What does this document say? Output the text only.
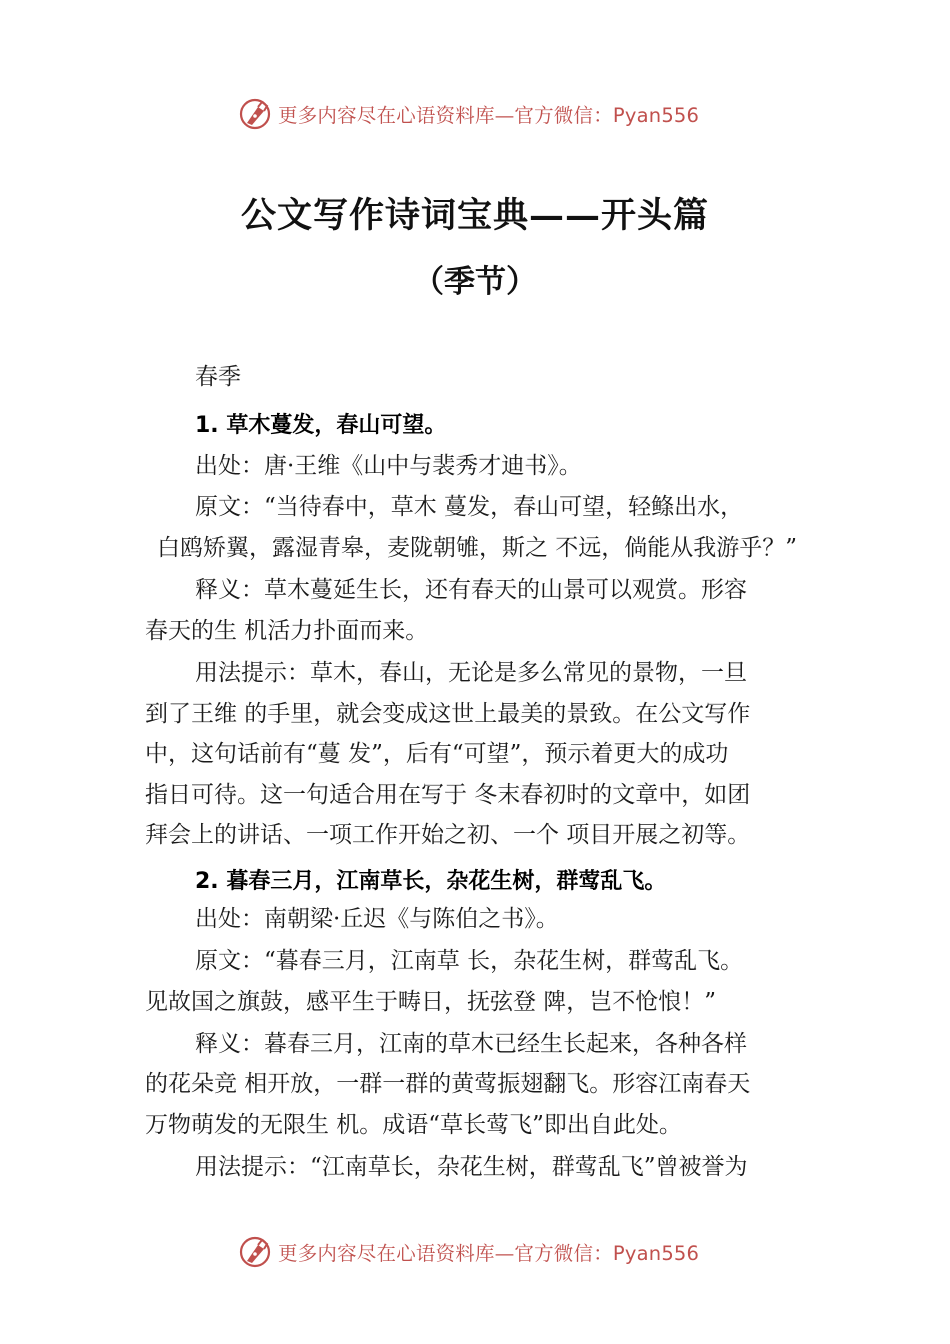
更多内容尽在心语资料库—官方微信：Pyan556
公文写作诗词宝典——开头篇
（季节）
春季
1. 草木蔓发，春山可望。
出处：唐·王维《山中与裴秀才迪书》。
原文：“当待春中，草木 蔓发，春山可望，轻鲦出水，
白鸥矫翼，露湿青皋，麦陇朝雊，斯之 不远，倘能从我游乎？”
释义：草木蔓延生长，还有春天的山景可以观赏。形容
春天的生 机活力扑面而来。
用法提示：草木，春山，无论是多么常见的景物，一旦
到了王维 的手里，就会变成这世上最美的景致。在公文写作
中，这句话前有“蔓 发”，后有“可望”，预示着更大的成功
指日可待。这一句适合用在写于 冬末春初时的文章中，如团
拜会上的讲话、一项工作开始之初、一个 项目开展之初等。
2. 暮春三月，江南草长，杂花生树，群莺乱飞。
出处：南朝梁·丘迟《与陈伯之书》。
原文：“暮春三月，江南草 长，杂花生树，群莺乱飞。
见故国之旗鼓，感平生于畴日，抚弦登 陴，岂不怆悢！”
释义：暮春三月，江南的草木已经生长起来，各种各样
的花朵竞 相开放，一群一群的黄莺振翅翻飞。形容江南春天
万物萌发的无限生 机。成语“草长莺飞”即出自此处。
用法提示：“江南草长，杂花生树，群莺乱飞”曾被誉为
更多内容尽在心语资料库—官方微信：Pyan556
